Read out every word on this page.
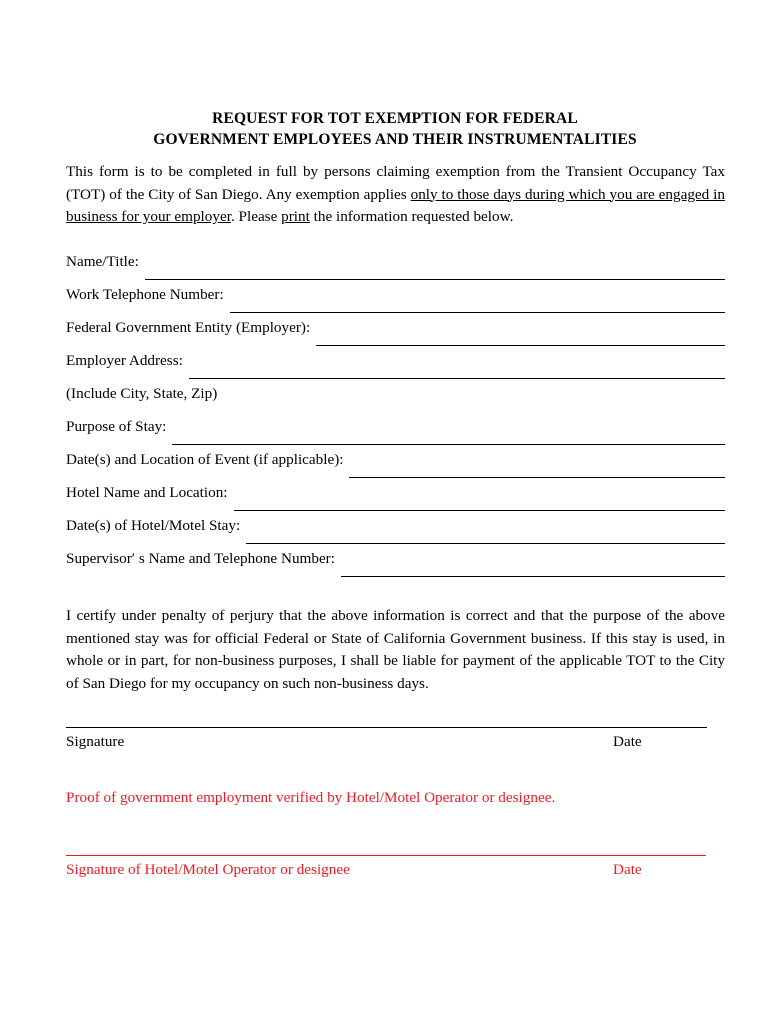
REQUEST FOR TOT EXEMPTION FOR FEDERAL
GOVERNMENT EMPLOYEES AND THEIR INSTRUMENTALITIES
This form is to be completed in full by persons claiming exemption from the Transient Occupancy Tax (TOT) of the City of San Diego. Any exemption applies only to those days during which you are engaged in business for your employer. Please print the information requested below.
Name/Title:
Work Telephone Number:
Federal Government Entity (Employer):
Employer Address:
(Include City, State, Zip)
Purpose of Stay:
Date(s) and Location of Event (if applicable):
Hotel Name and Location:
Date(s) of Hotel/Motel Stay:
Supervisor′ s Name and Telephone Number:
I certify under penalty of perjury that the above information is correct and that the purpose of the above mentioned stay was for official Federal or State of California Government business. If this stay is used, in whole or in part, for non-business purposes, I shall be liable for payment of the applicable TOT to the City of San Diego for my occupancy on such non-business days.
Signature	Date
Proof of government employment verified by Hotel/Motel Operator or designee.
Signature of Hotel/Motel Operator or designee	Date
